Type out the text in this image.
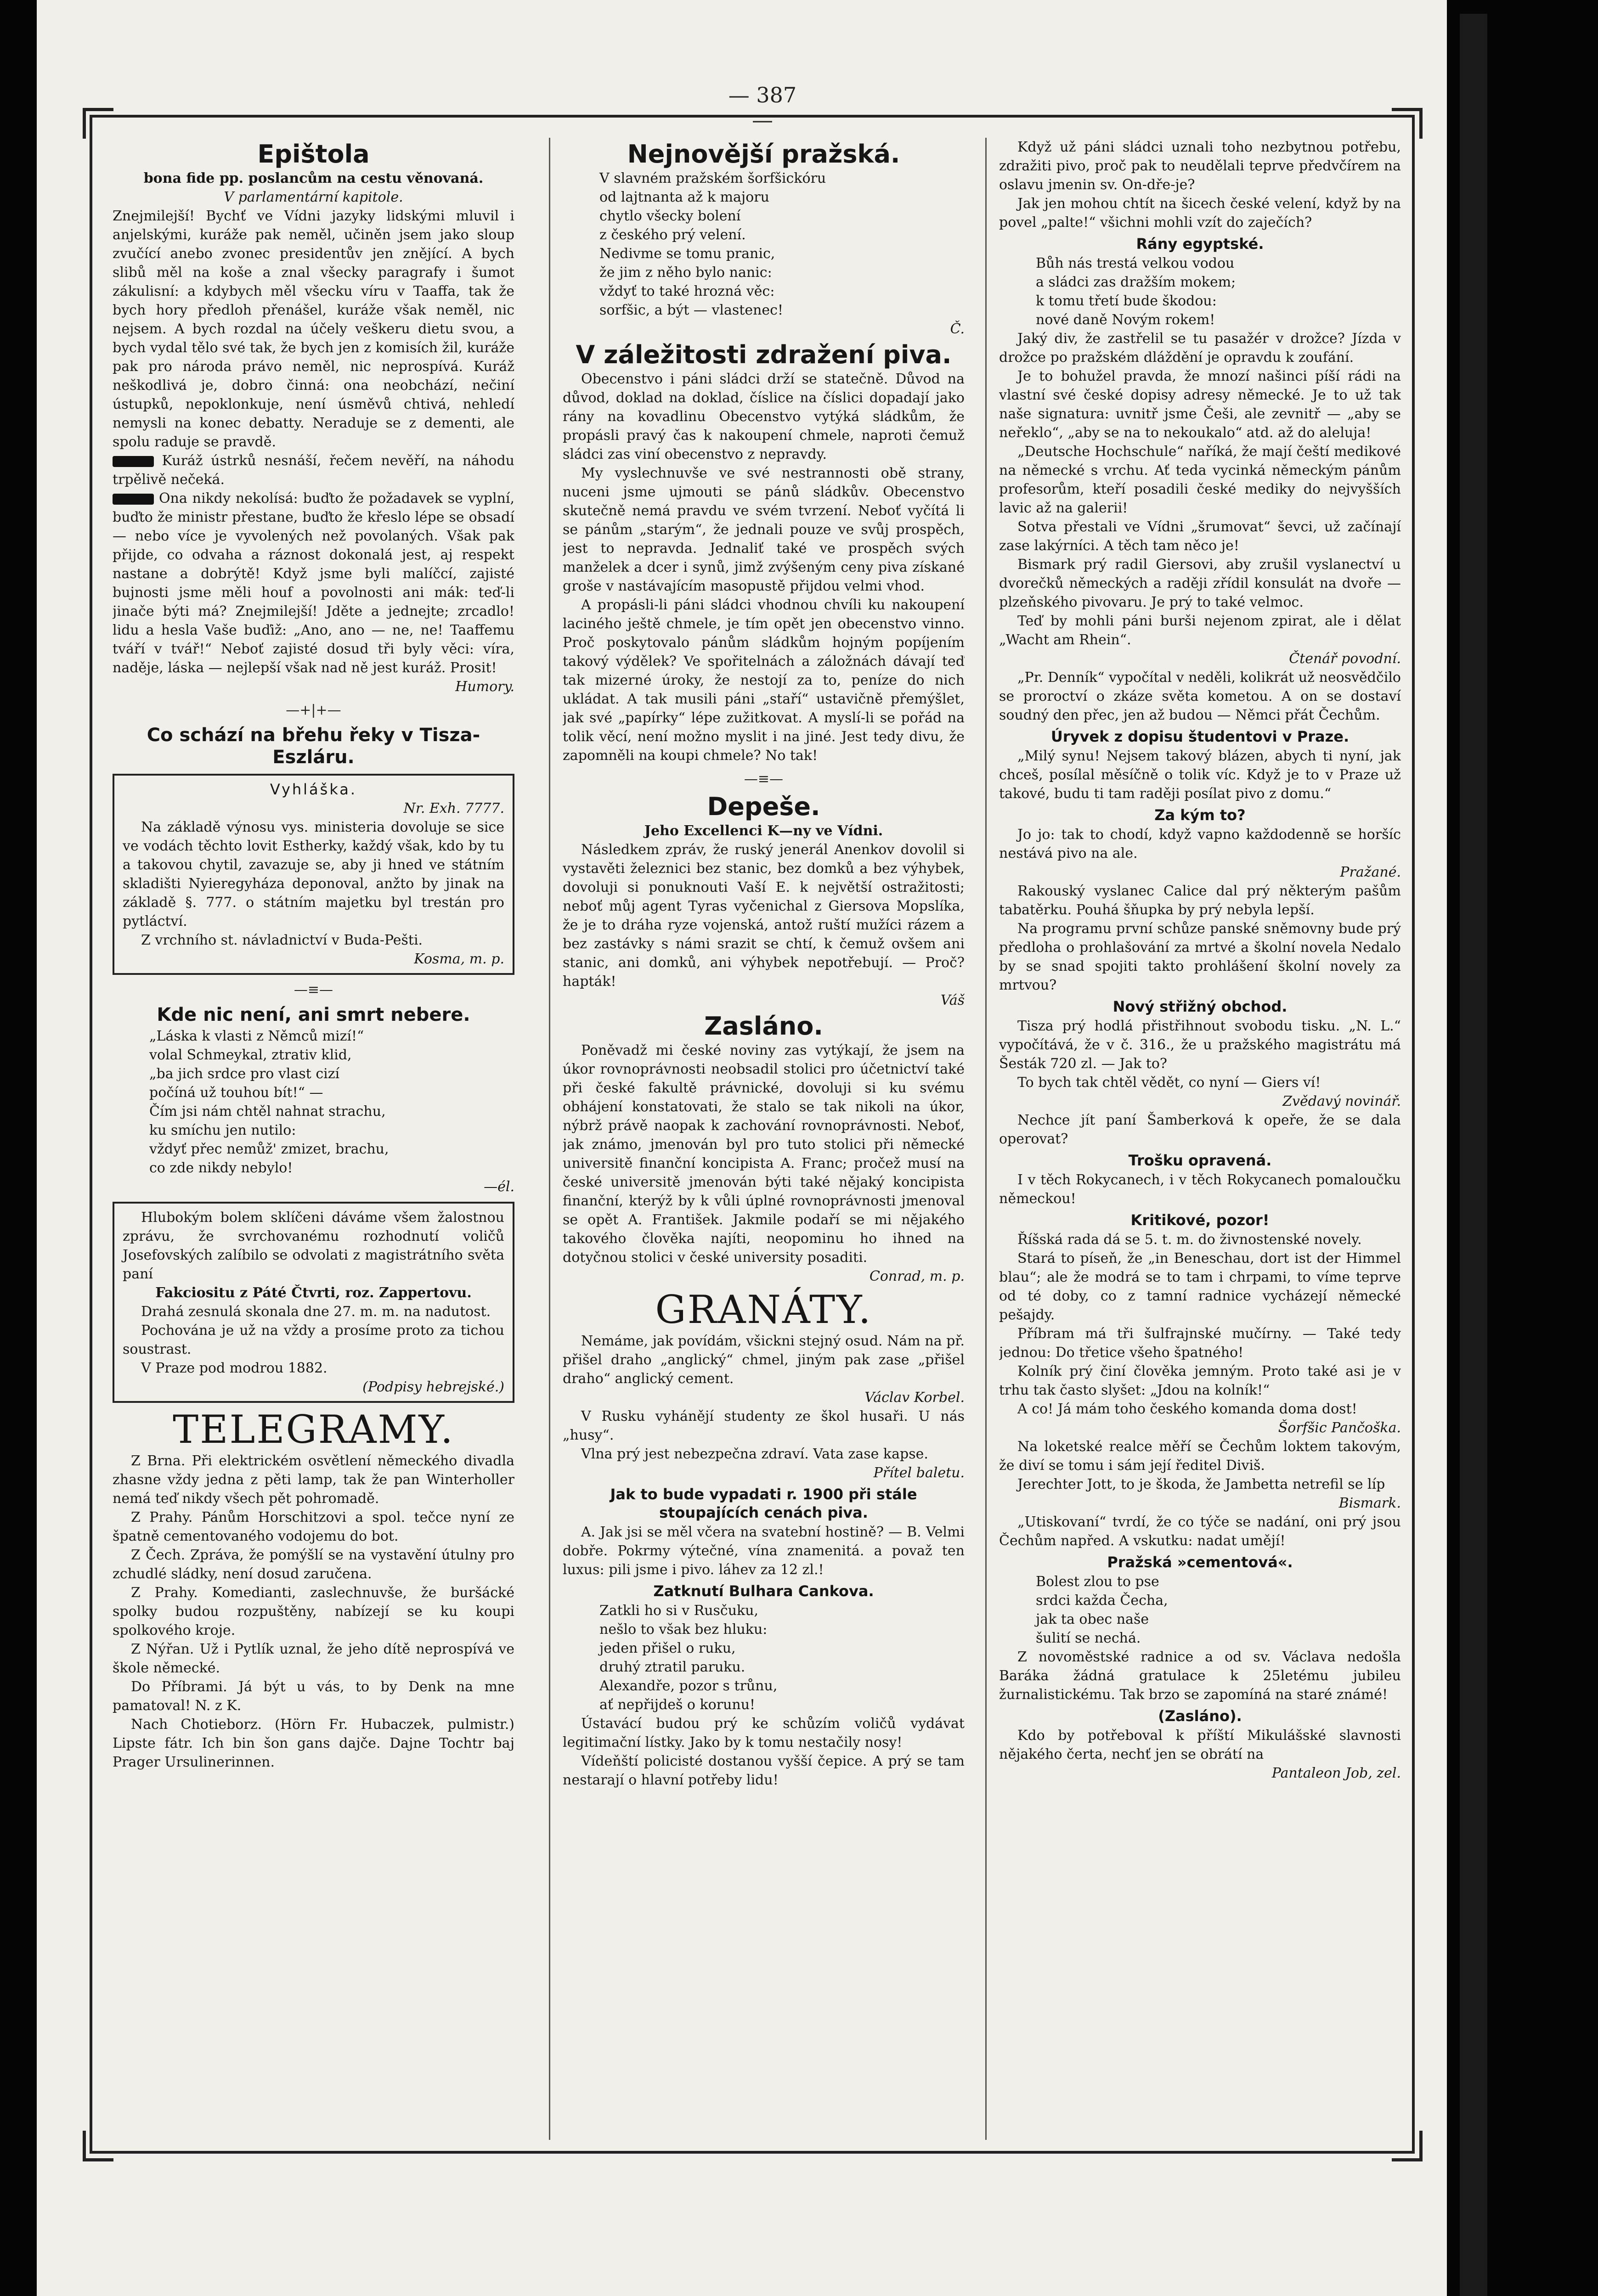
— 387 —
Epištola
bona fide pp. poslancům na cestu věnovaná.
V parlamentární kapitole.

Znejmilejší! Bychť ve Vídni jazyky lidskými mluvil i anjelskými, kuráže pak neměl, učiněn jsem jako sloup zvučící anebo zvonec presidentův jen znějící. A bych slibů měl na koše a znal všecky paragrafy i šumot zákulisní: a kdybych měl všecku víru v Taaffa, tak že bych hory předloh přenášel, kuráže však neměl, nic nejsem. A bych rozdal na účely veškeru dietu svou, a bych vydal tělo své tak, že bych jen z komisích žil, kuráže pak pro národa právo neměl, nic neprospívá. Kuráž neškodlivá je, dobro činná: ona neobchází, nečiní ústupků, nepoklonkuje, není úsměvů chtivá, nehledí nemysli na konec debatty. Neraduje se z dementi, ale spolu raduje se pravdě.

Kuráž ústrků nesnáší, řečem nevěří, na náhodu trpělivě nečeká.

Ona nikdy nekolísá: buďto že požadavek se vyplní, buďto že ministr přestane, buďto že křeslo lépe se obsadí — nebo více je vyvolených než povolaných. Však pak přijde, co odvaha a ráznost dokonalá jest, aj respekt nastane a dobrýtě! Když jsme byli malíčcí, zajisté bujnosti jsme měli houf a povolnosti ani mák: teď-li jinače býti má? Znejmilejší! Jděte a jednejte; zrcadlo! lidu a hesla Vaše buďiž: „Ano, ano — ne, ne! Taaffemu tváří v tvář!“ Neboť zajisté dosud tři byly věci: víra, naděje, láska — nejlepší však nad ně jest kuráž. Prosit!

Humory.
—+|+—
Co schází na břehu řeky v Tisza-Eszláru.
Vyhláška.
Nr. Exh. 7777.

Na základě výnosu vys. ministeria dovoluje se sice ve vodách těchto lovit Estherky, každý však, kdo by tu a takovou chytil, zavazuje se, aby ji hned ve státním skladišti Nyieregyháza deponoval, anžto by jinak na základě §. 777. o státním majetku byl trestán pro pytláctví.

Z vrchního st. návladnictví v Buda-Pešti.

Kosma, m. p.
—≡—
Kde nic není, ani smrt nebere.
„Láska k vlasti z Němců mizí!“
volal Schmeykal, ztrativ klid,
„ba jich srdce pro vlast cizí
počíná už touhou bít!“ —
Čím jsi nám chtěl nahnat strachu,
ku smíchu jen nutilo:
vždyť přec nemůž' zmizet, brachu,
co zde nikdy nebylo!
—él.

Hlubokým bolem sklíčeni dáváme všem žalostnou zprávu, že svrchovanému rozhodnutí voličů Josefovských zalíbilo se odvolati z magistrátního světa paní

Fakciositu z Páté Čtvrti, roz. Zappertovu.

Drahá zesnulá skonala dne 27. m. m. na nadutost.

Pochována je už na vždy a prosíme proto za tichou soustrast.

V Praze pod modrou 1882.

(Podpisy hebrejské.)
TELEGRAMY.

Z Brna. Při elektrickém osvětlení německého divadla zhasne vždy jedna z pěti lamp, tak že pan Winterholler nemá teď nikdy všech pět pohromadě.

Z Prahy. Pánům Horschitzovi a spol. tečce nyní ze špatně cementovaného vodojemu do bot.

Z Čech. Zpráva, že pomýšlí se na vystavění útulny pro zchudlé sládky, není dosud zaručena.

Z Prahy. Komedianti, zaslechnuvše, že buršácké spolky budou rozpuštěny, nabízejí se ku koupi spolkového kroje.

Z Nýřan. Už i Pytlík uznal, že jeho dítě neprospívá ve škole německé.

Do Příbrami. Já být u vás, to by Denk na mne pamatoval! N. z K.

Nach Chotieborz. (Hörn Fr. Hubaczek, pulmistr.) Lipste fátr. Ich bin šon gans dajče. Dajne Tochtr baj Prager Ursulinerinnen.

Nejnovější pražská.
V slavném pražském šorfšickóru
od lajtnanta až k majoru
chytlo všecky bolení
z českého prý velení.
Nedivme se tomu pranic,
že jim z něho bylo nanic:
vždyť to také hrozná věc:
sorfšic, a být — vlastenec!
Č.
V záležitosti zdražení piva.

Obecenstvo i páni sládci drží se statečně. Důvod na důvod, doklad na doklad, číslice na číslici dopadají jako rány na kovadlinu Obecenstvo vytýká sládkům, že propásli pravý čas k nakoupení chmele, naproti čemuž sládci zas viní obecenstvo z nepravdy.

My vyslechnuvše ve své nestrannosti obě strany, nuceni jsme ujmouti se pánů sládkův. Obecenstvo skutečně nemá pravdu ve svém tvrzení. Neboť vyčítá li se pánům „starým“, že jednali pouze ve svůj prospěch, jest to nepravda. Jednaliť také ve prospěch svých manželek a dcer i synů, jimž zvýšeným ceny piva získané groše v nastávajícím masopustě přijdou velmi vhod.

A propásli-li páni sládci vhodnou chvíli ku nakoupení laciného ještě chmele, je tím opět jen obecenstvo vinno. Proč poskytovalo pánům sládkům hojným popíjením takový výdělek? Ve spořitelnách a záložnách dávají teď tak mizerné úroky, že nestojí za to, peníze do nich ukládat. A tak musili páni „staří“ ustavičně přemýšlet, jak své „papírky“ lépe zužitkovat. A myslí-li se pořád na tolik věcí, není možno myslit i na jiné. Jest tedy divu, že zapomněli na koupi chmele? No tak!

—≡—
Depeše.
Jeho Excellenci K—ny ve Vídni.

Následkem zpráv, že ruský jenerál Anenkov dovolil si vystavěti železnici bez stanic, bez domků a bez výhybek, dovoluji si ponuknouti Vaší E. k největší ostražitosti; neboť můj agent Tyras vyčenichal z Giersova Mopslíka, že je to dráha ryze vojenská, antož ruští mužíci rázem a bez zastávky s námi srazit se chtí, k čemuž ovšem ani stanic, ani domků, ani výhybek nepotřebují. — Proč? hapták!

Váš
Zasláno.

Poněvadž mi české noviny zas vytýkají, že jsem na úkor rovnoprávnosti neobsadil stolici pro účetnictví také při české fakultě právnické, dovoluji si ku svému obhájení konstatovati, že stalo se tak nikoli na úkor, nýbrž právě naopak k zachování rovnoprávnosti. Neboť, jak známo, jmenován byl pro tuto stolici při německé universitě finanční koncipista A. Franc; pročež musí na české universitě jmenován býti také nějaký koncipista finanční, kterýž by k vůli úplné rovnoprávnosti jmenoval se opět A. František. Jakmile podaří se mi nějakého takového člověka najíti, neopominu ho ihned na dotyčnou stolici v české university posaditi.

Conrad, m. p.
GRANÁTY.

Nemáme, jak povídám, všickni stejný osud. Nám na př. přišel draho „anglický“ chmel, jiným pak zase „přišel draho“ anglický cement.

Václav Korbel.

V Rusku vyhánějí studenty ze škol husaři. U nás „husy“.

Vlna prý jest nebezpečna zdraví. Vata zase kapse.

Přítel baletu.
Jak to bude vypadati r. 1900 při stále stoupajících cenách piva.

A. Jak jsi se měl včera na svatební hostině? — B. Velmi dobře. Pokrmy výtečné, vína znamenitá. a považ ten luxus: pili jsme i pivo. láhev za 12 zl.!

Zatknutí Bulhara Cankova.
Zatkli ho si v Rusčuku,
nešlo to však bez hluku:
jeden přišel o ruku,
druhý ztratil paruku.
Alexandře, pozor s trůnu,
ať nepřijdeš o korunu!

Ústavácí budou prý ke schůzím voličů vydávat legitimační lístky. Jako by k tomu nestačily nosy!

Vídeňští policisté dostanou vyšší čepice. A prý se tam nestarají o hlavní potřeby lidu!

Když už páni sládci uznali toho nezbytnou potřebu, zdražiti pivo, proč pak to neudělali teprve předvčírem na oslavu jmenin sv. On-dře-je?

Jak jen mohou chtít na šicech české velení, když by na povel „palte!“ všichni mohli vzít do zaječích?

Rány egyptské.
Bůh nás trestá velkou vodou
a sládci zas dražším mokem;
k tomu třetí bude škodou:
nové daně Novým rokem!

Jaký div, že zastřelil se tu pasažér v drožce? Jízda v drožce po pražském dláždění je opravdu k zoufání.

Je to bohužel pravda, že mnozí našinci píší rádi na vlastní své české dopisy adresy německé. Je to už tak naše signatura: uvnitř jsme Češi, ale zevnitř — „aby se neřeklo“, „aby se na to nekoukalo“ atd. až do aleluja!

„Deutsche Hochschule“ naříká, že mají čeští medikové na německé s vrchu. Ať teda vycinká německým pánům profesorům, kteří posadili české mediky do nejvyšších lavic až na galerii!

Sotva přestali ve Vídni „šrumovat“ ševci, už začínají zase lakýrníci. A těch tam něco je!

Bismark prý radil Giersovi, aby zrušil vyslanectví u dvorečků německých a raději zřídil konsulát na dvoře — plzeňského pivovaru. Je prý to také velmoc.

Teď by mohli páni burši nejenom zpirat, ale i dělat „Wacht am Rhein“.

Čtenář povodní.

„Pr. Denník“ vypočítal v neděli, kolikrát už neosvědčilo se proroctví o zkáze světa kometou. A on se dostaví soudný den přec, jen až budou — Němci přát Čechům.

Úryvek z dopisu študentovi v Praze.

„Milý synu! Nejsem takový blázen, abych ti nyní, jak chceš, posílal měsíčně o tolik víc. Když je to v Praze už takové, budu ti tam raději posílat pivo z domu.“

Za kým to?

Jo jo: tak to chodí, když vapno každodenně se horšíc nestává pivo na ale.

Pražané.

Rakouský vyslanec Calice dal prý některým pašům tabatěrku. Pouhá šňupka by prý nebyla lepší.

Na programu první schůze panské sněmovny bude prý předloha o prohlašování za mrtvé a školní novela Nedalo by se snad spojiti takto prohlášení školní novely za mrtvou?

Nový střižný obchod.

Tisza prý hodlá přistřihnout svobodu tisku. „N. L.“ vypočítává, že v č. 316., že u pražského magistrátu má Šesták 720 zl. — Jak to?

To bych tak chtěl vědět, co nyní — Giers ví!

Zvědavý novinář.

Nechce jít paní Šamberková k opeře, že se dala operovat?

Trošku opravená.

I v těch Rokycanech, i v těch Rokycanech pomaloučku německou!

Kritikové, pozor!

Říšská rada dá se 5. t. m. do živnostenské novely.

Stará to píseň, že „in Beneschau, dort ist der Himmel blau“; ale že modrá se to tam i chrpami, to víme teprve od té doby, co z tamní radnice vycházejí německé pešajdy.

Příbram má tři šulfrajnské mučírny. — Také tedy jednou: Do třetice všeho špatného!

Kolník prý činí člověka jemným. Proto také asi je v trhu tak často slyšet: „Jdou na kolník!“

A co! Já mám toho českého komanda doma dost!

Šorfšic Pančoška.

Na loketské realce měří se Čechům loktem takovým, že diví se tomu i sám její ředitel Diviš.

Jerechter Jott, to je škoda, že Jambetta netrefil se líp

Bismark.

„Utiskovaní“ tvrdí, že co týče se nadání, oni prý jsou Čechům napřed. A vskutku: nadat umějí!

Pražská »cementová«.
Bolest zlou to pse
srdci každa Čecha,
jak ta obec naše
šulití se nechá.

Z novoměstské radnice a od sv. Václava nedošla Baráka žádná gratulace k 25letému jubileu žurnalistickému. Tak brzo se zapomíná na staré známé!

(Zasláno).

Kdo by potřeboval k příští Mikulášské slavnosti nějakého čerta, nechť jen se obrátí na

Pantaleon Job, zel.
